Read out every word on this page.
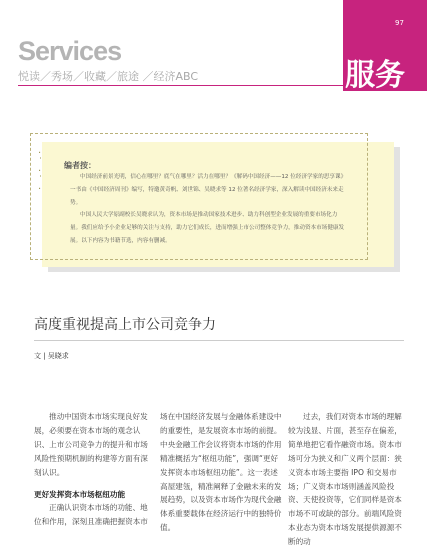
97
服务
Services
悦读／秀场／收藏／旅途 ／经济ABC
·
˙
·
˙
·
编者按：
中国经济前景光明，信心在哪里？底气在哪里？活力在哪里？《解码中国经济——12 位经济学家的思享课》一书由《中国经济周刊》编写，特邀黄奇帆、刘世锦、吴晓求等 12 位著名经济学家，深入解读中国经济未来走势。
中国人民大学原副校长吴晓求认为，资本市场是推动国家技术进步、助力科创型企业发展的重要市场化力量。我们应给予小企业足够的关注与支持，助力它们成长，进而增强上市公司整体竞争力，推动资本市场健康发展。以下内容为书籍节选，内容有删减。
高度重视提高上市公司竞争力
文 | 吴晓求

推动中国资本市场实现良好发展，必须要在资本市场的观念认识、上市公司竞争力的提升和市场风险性预期机制的构建等方面有深刻认识。

更好发挥资本市场枢纽功能

正确认识资本市场的功能、地位和作用，深刻且准确把握资本市

场在中国经济发展与金融体系建设中的重要性，是发展资本市场的前提。中央金融工作会议将资本市场的作用精准概括为“枢纽功能”，强调“更好发挥资本市场枢纽功能”。这一表述高屋建瓴，精准阐释了金融未来的发展趋势，以及资本市场作为现代金融体系重要载体在经济运行中的独特价值。

过去，我们对资本市场的理解较为浅显、片面，甚至存在偏差，简单地把它看作融资市场。资本市场可分为狭义和广义两个层面：狭义资本市场主要指 IPO 和交易市场；广义资本市场则涵盖风险投资、天使投资等，它们同样是资本市场不可或缺的部分。前端风险资本业态为资本市场发展提供源源不断的动
